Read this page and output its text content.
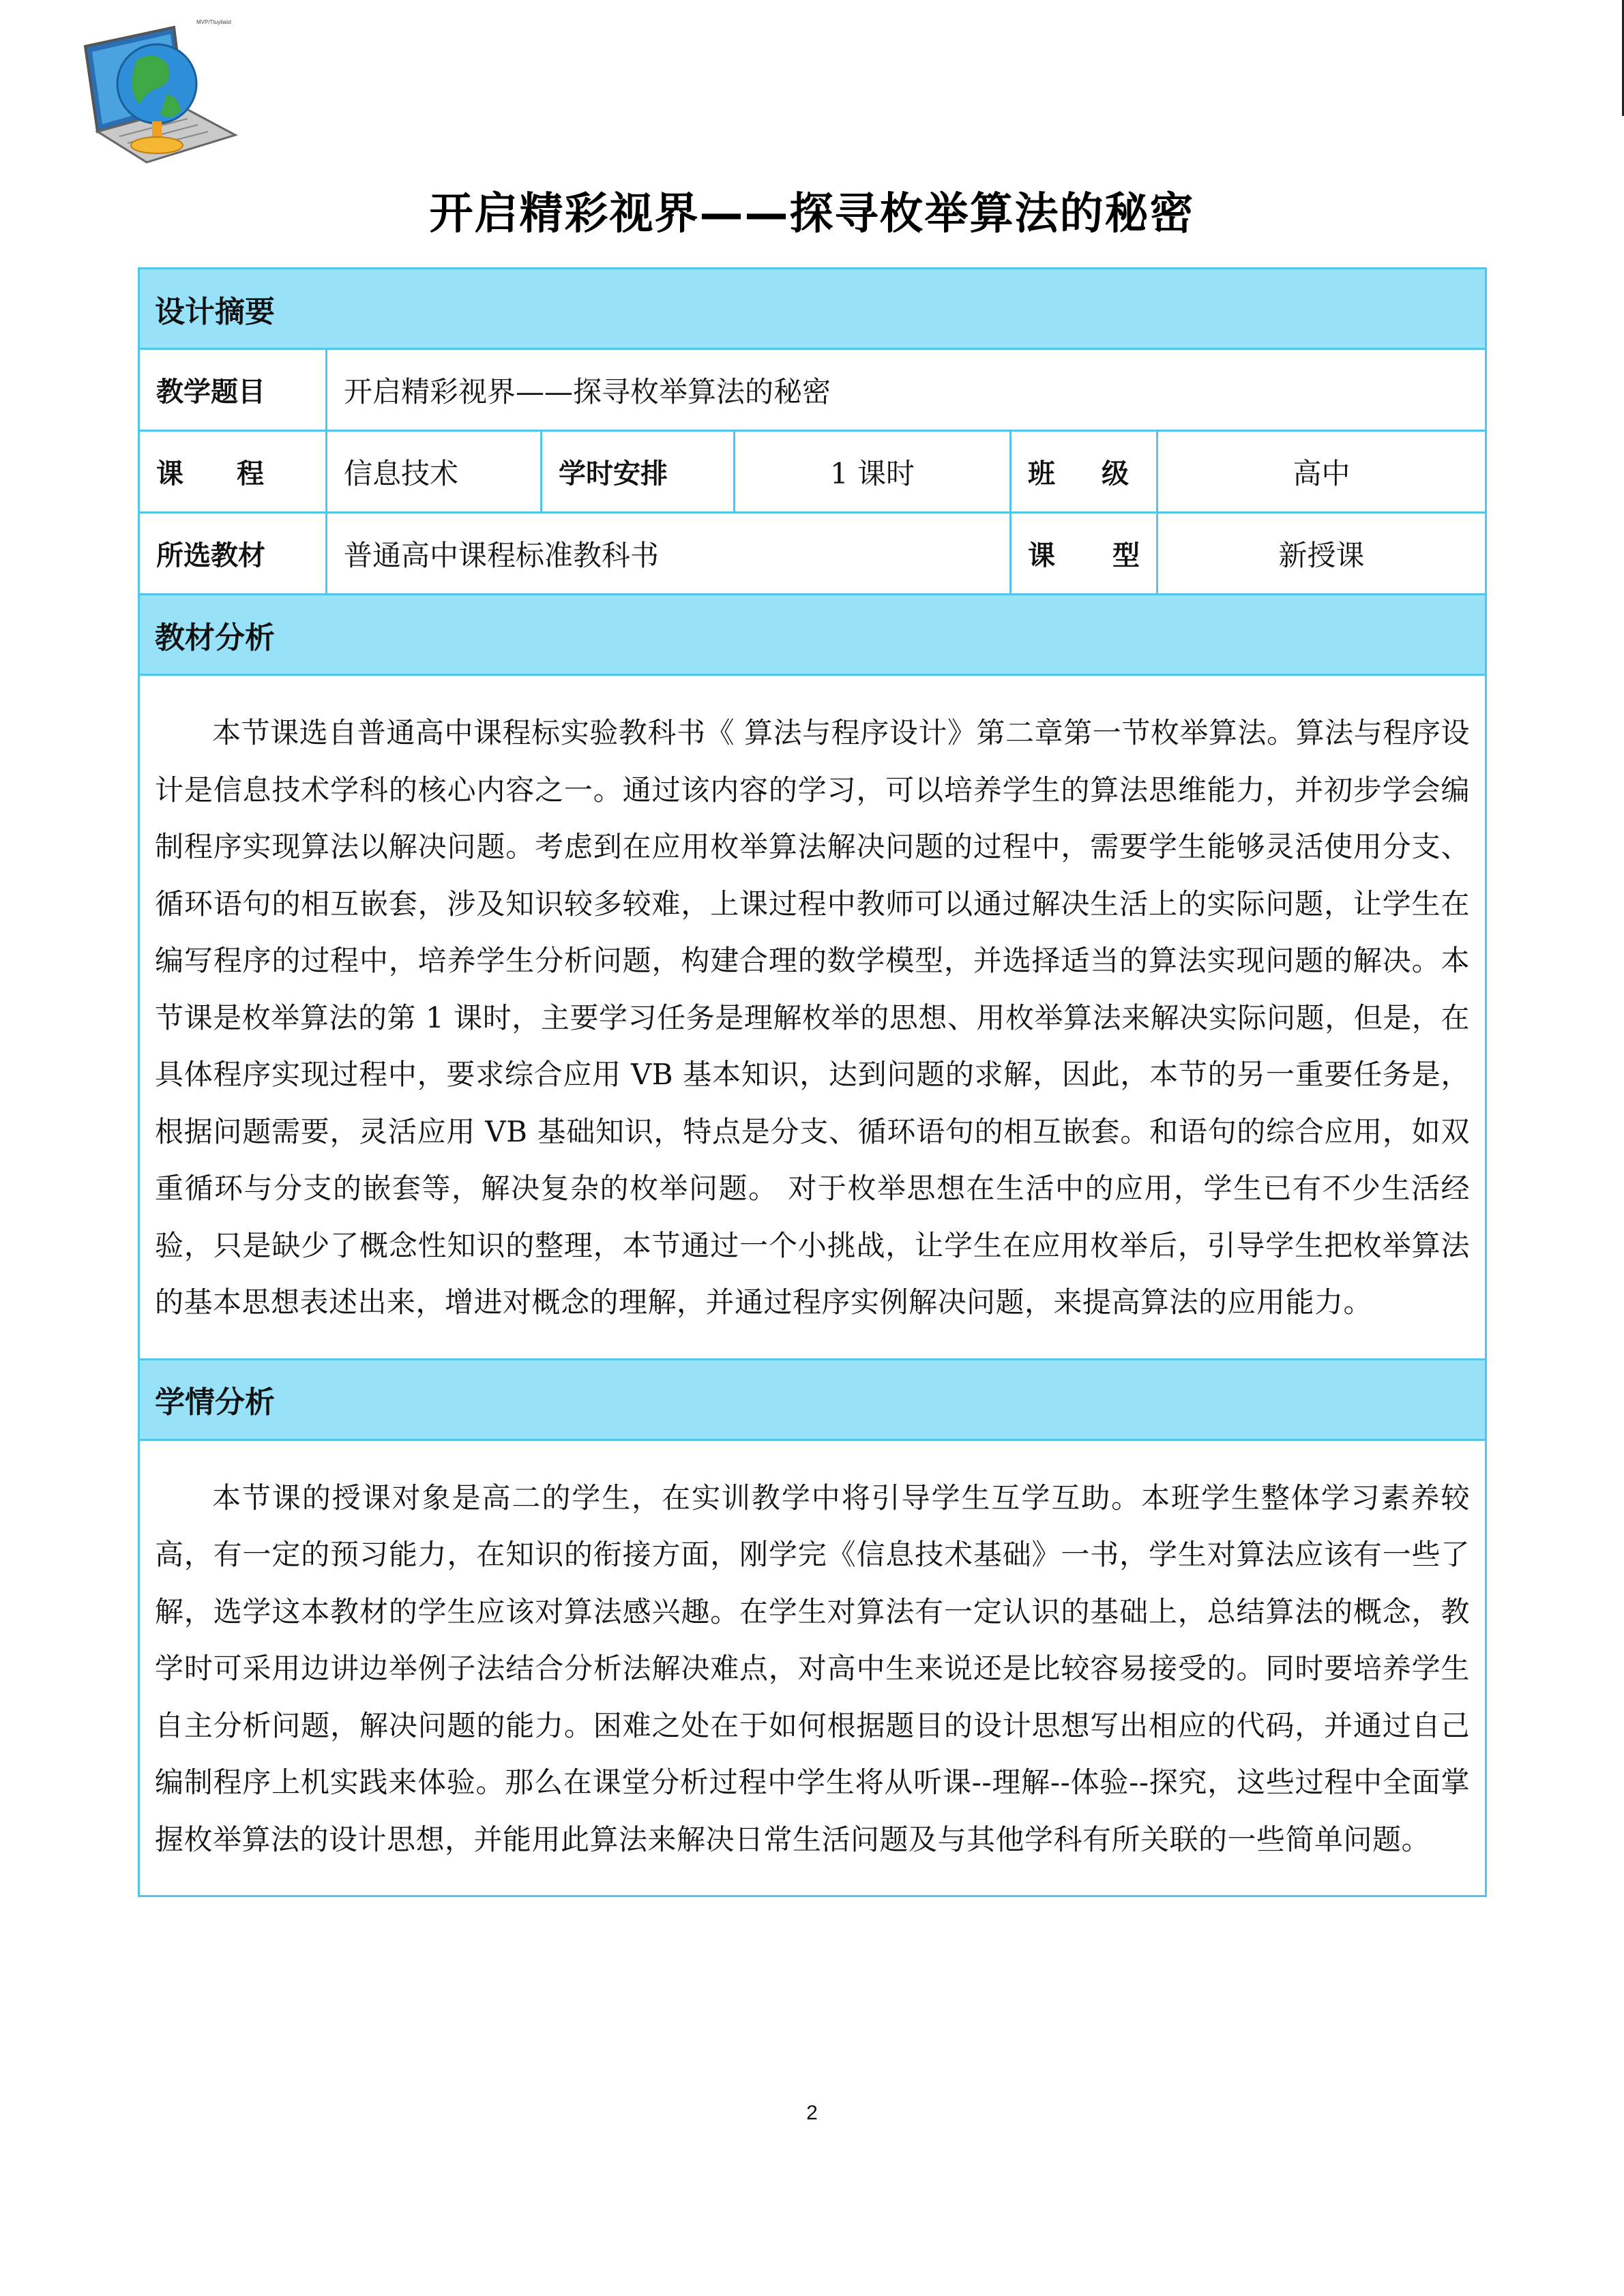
MVP/Ttuyilaist
开启精彩视界——探寻枚举算法的秘密
设计摘要
教学题目	开启精彩视界——探寻枚举算法的秘密
课 程	信息技术	学时安排	1 课时	班 级	高中
所选教材	普通高中课程标准教科书	课 型	新授课
教材分析

本节课选自普通高中课程标实验教科书《 算法与程序设计》第二章第一节枚举算法。算法与程序设计是信息技术学科的核心内容之一。通过该内容的学习，可以培养学生的算法思维能力，并初步学会编制程序实现算法以解决问题。考虑到在应用枚举算法解决问题的过程中，需要学生能够灵活使用分支、循环语句的相互嵌套，涉及知识较多较难，上课过程中教师可以通过解决生活上的实际问题，让学生在编写程序的过程中，培养学生分析问题，构建合理的数学模型，并选择适当的算法实现问题的解决。本节课是枚举算法的第 1 课时，主要学习任务是理解枚举的思想、用枚举算法来解决实际问题，但是，在具体程序实现过程中，要求综合应用 VB 基本知识，达到问题的求解，因此，本节的另一重要任务是，根据问题需要，灵活应用 VB 基础知识，特点是分支、循环语句的相互嵌套。和语句的综合应用，如双重循环与分支的嵌套等，解决复杂的枚举问题。 对于枚举思想在生活中的应用，学生已有不少生活经验，只是缺少了概念性知识的整理，本节通过一个小挑战，让学生在应用枚举后，引导学生把枚举算法的基本思想表述出来，增进对概念的理解，并通过程序实例解决问题，来提高算法的应用能力。

学情分析

本节课的授课对象是高二的学生，在实训教学中将引导学生互学互助。本班学生整体学习素养较高，有一定的预习能力，在知识的衔接方面，刚学完《信息技术基础》一书，学生对算法应该有一些了解，选学这本教材的学生应该对算法感兴趣。在学生对算法有一定认识的基础上，总结算法的概念，教学时可采用边讲边举例子法结合分析法解决难点，对高中生来说还是比较容易接受的。同时要培养学生自主分析问题，解决问题的能力。困难之处在于如何根据题目的设计思想写出相应的代码，并通过自己编制程序上机实践来体验。那么在课堂分析过程中学生将从听课--理解--体验--探究，这些过程中全面掌握枚举算法的设计思想，并能用此算法来解决日常生活问题及与其他学科有所关联的一些简单问题。

2
